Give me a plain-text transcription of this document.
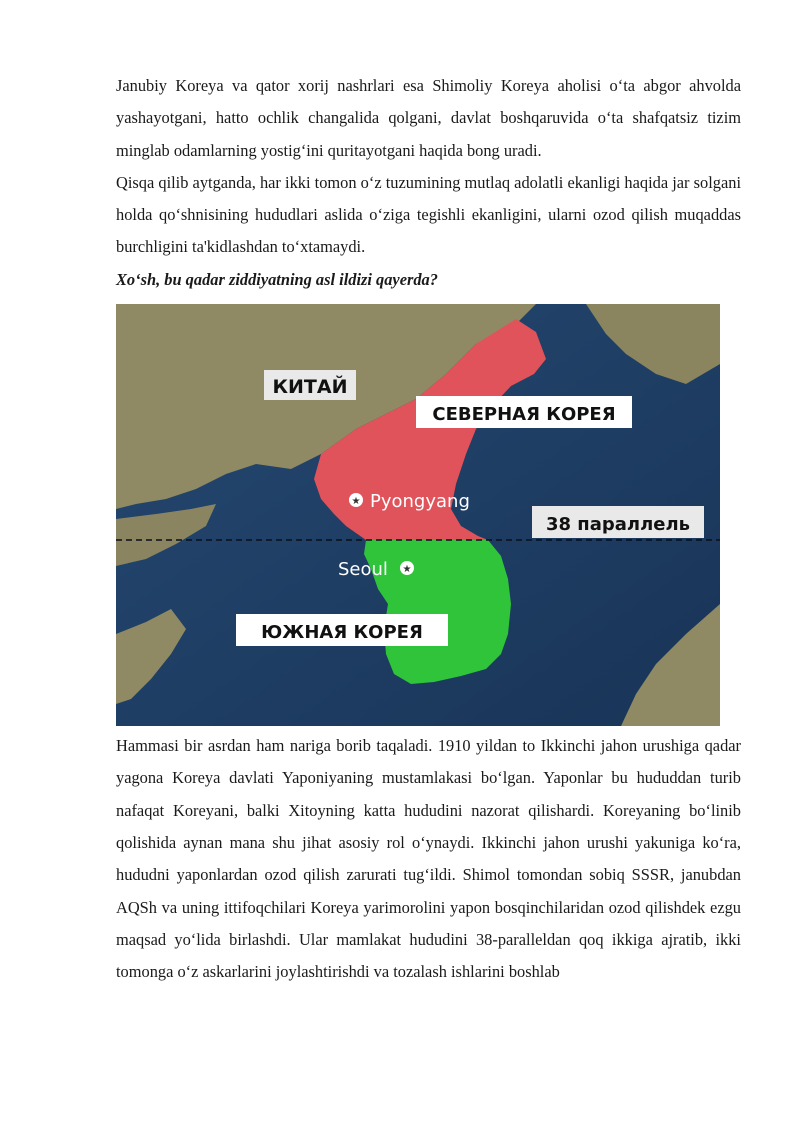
Janubiy Koreya va qator xorij nashrlari esa Shimoliy Koreya aholisi o‘ta abgor ahvolda yashayotgani, hatto ochlik changalida qolgani, davlat boshqaruvida o‘ta shafqatsiz tizim minglab odamlarning yostig‘ini quritayotgani haqida bong uradi.

Qisqa qilib aytganda, har ikki tomon o‘z tuzumining mutlaq adolatli ekanligi haqida jar solgani holda qo‘shnisining hududlari aslida o‘ziga tegishli ekanligini, ularni ozod qilish muqaddas burchligini ta'kidlashdan to‘xtamaydi.

Xo‘sh, bu qadar ziddiyatning asl ildizi qayerda?

КИТАЙ
СЕВЕРНАЯ КОРЕЯ
38 параллель
ЮЖНАЯ КОРЕЯ
★ Pyongyang
★
Seoul

Hammasi bir asrdan ham nariga borib taqaladi. 1910 yildan to Ikkinchi jahon urushiga qadar yagona Koreya davlati Yaponiyaning mustamlakasi bo‘lgan. Yaponlar bu hududdan turib nafaqat Koreyani, balki Xitoyning katta hududini nazorat qilishardi. Koreyaning bo‘linib qolishida aynan mana shu jihat asosiy rol o‘ynaydi. Ikkinchi jahon urushi yakuniga ko‘ra, hududni yaponlardan ozod qilish zarurati tug‘ildi. Shimol tomondan sobiq SSSR, janubdan AQSh va uning ittifoqchilari Koreya yarimorolini yapon bosqinchilaridan ozod qilishdek ezgu maqsad yo‘lida birlashdi. Ular mamlakat hududini 38-paralleldan qoq ikkiga ajratib, ikki tomonga o‘z askarlarini joylashtirishdi va tozalash ishlarini boshlab
